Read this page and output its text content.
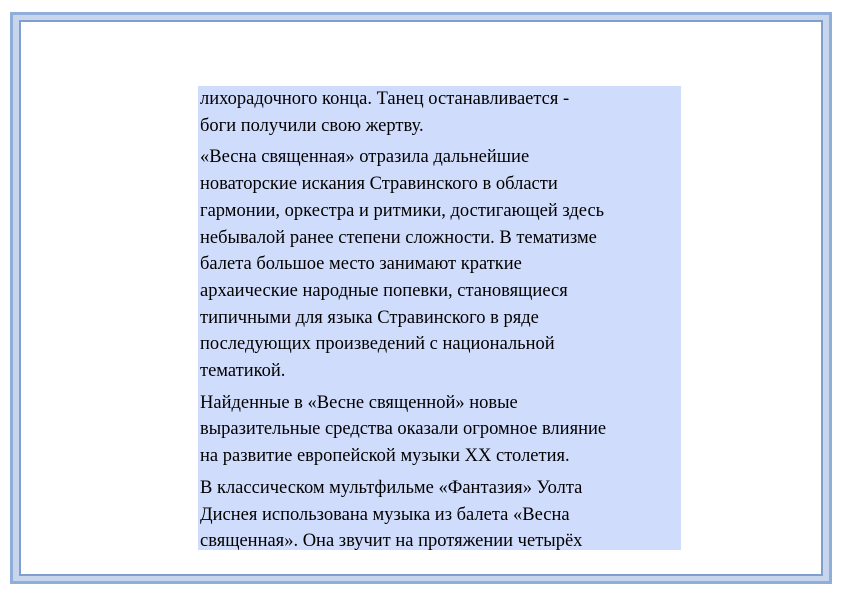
лихорадочного конца. Танец останавливается -
боги получили свою жертву.

«Весна священная» отразила дальнейшие
новаторские искания Стравинского в области
гармонии, оркестра и ритмики, достигающей здесь
небывалой ранее степени сложности. В тематизме
балета большое место занимают краткие
архаические народные попевки, становящиеся
типичными для языка Стравинского в ряде
последующих произведений с национальной
тематикой.

Найденные в «Весне священной» новые
выразительные средства оказали огромное влияние
на развитие европейской музыки XX столетия.

В классическом мультфильме «Фантазия» Уолта
Диснея использована музыка из балета «Весна
священная». Она звучит на протяжении четырёх
